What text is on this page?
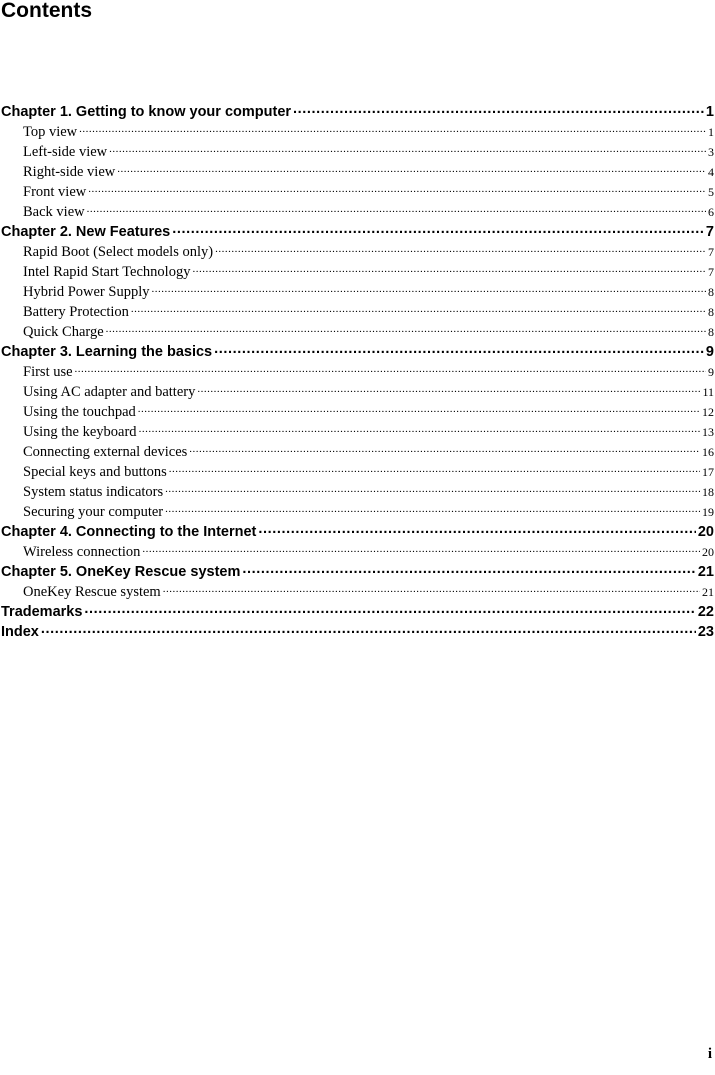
Contents
Chapter 1. Getting to know your computer .....	1
Top view .....	1
Left-side view .....	3
Right-side view .....	4
Front view .....	5
Back view .....	6
Chapter 2. New Features .....	7
Rapid Boot (Select models only) .....	7
Intel Rapid Start Technology .....	7
Hybrid Power Supply .....	8
Battery Protection .....	8
Quick Charge .....	8
Chapter 3. Learning the basics .....	9
First use .....	9
Using AC adapter and battery .....	11
Using the touchpad .....	12
Using the keyboard .....	13
Connecting external devices .....	16
Special keys and buttons .....	17
System status indicators .....	18
Securing your computer .....	19
Chapter 4. Connecting to the Internet .....	20
Wireless connection .....	20
Chapter 5. OneKey Rescue system .....	21
OneKey Rescue system .....	21
Trademarks .....	22
Index .....	23
i
